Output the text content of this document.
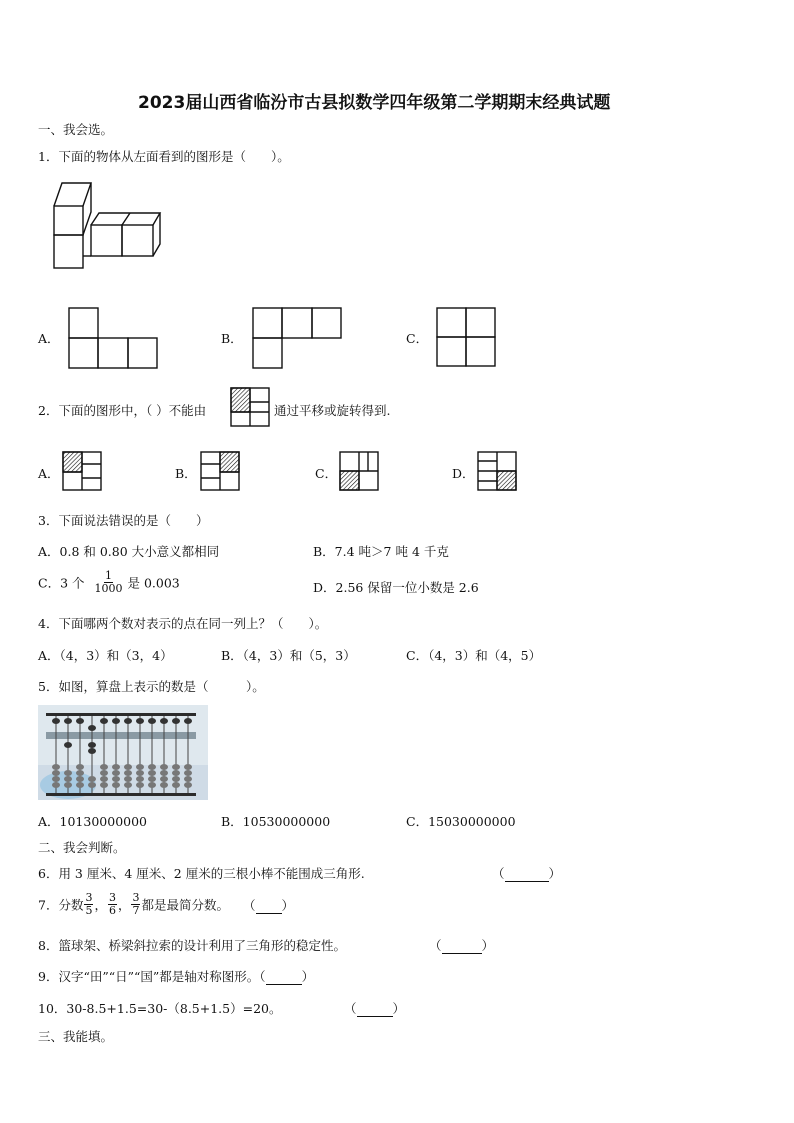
2023届山西省临汾市古县拟数学四年级第二学期期末经典试题
一、我会选。
1．下面的物体从左面看到的图形是（　　）。
A．	B．	C．
2．下面的图形中，（ ）不能由	通过平移或旋转得到.
A．	B．	C．	D．
3．下面说法错误的是（　　）
A．0.8 和 0.80 大小意义都相同	B．7.4 吨＞7 吨 4 千克
C．3 个 $\frac{1}{1000}$ 是 0.003	D．2.56 保留一位小数是 2.6
4．下面哪两个数对表示的点在同一列上？（　　）。
A．（4，3）和（3，4）	B．（4，3）和（5，3）	C．（4，3）和（4，5）
5．如图，算盘上表示的数是（　　　）。
A．10130000000	B．10530000000	C．15030000000
二、我会判断。
6．用 3 厘米、4 厘米、2 厘米的三根小棒不能围成三角形.	（	）
7．分数 $\frac{3}{5}$ ， $\frac{3}{6}$ ， $\frac{3}{7}$ 都是最简分数。 （ ）
8．篮球架、桥梁斜拉索的设计利用了三角形的稳定性。	（	）
9．汉字“田”“日”“国”都是轴对称图形。（	）
10．30-8.5+1.5=30-（8.5+1.5）=20。	（	）
三、我能填。
